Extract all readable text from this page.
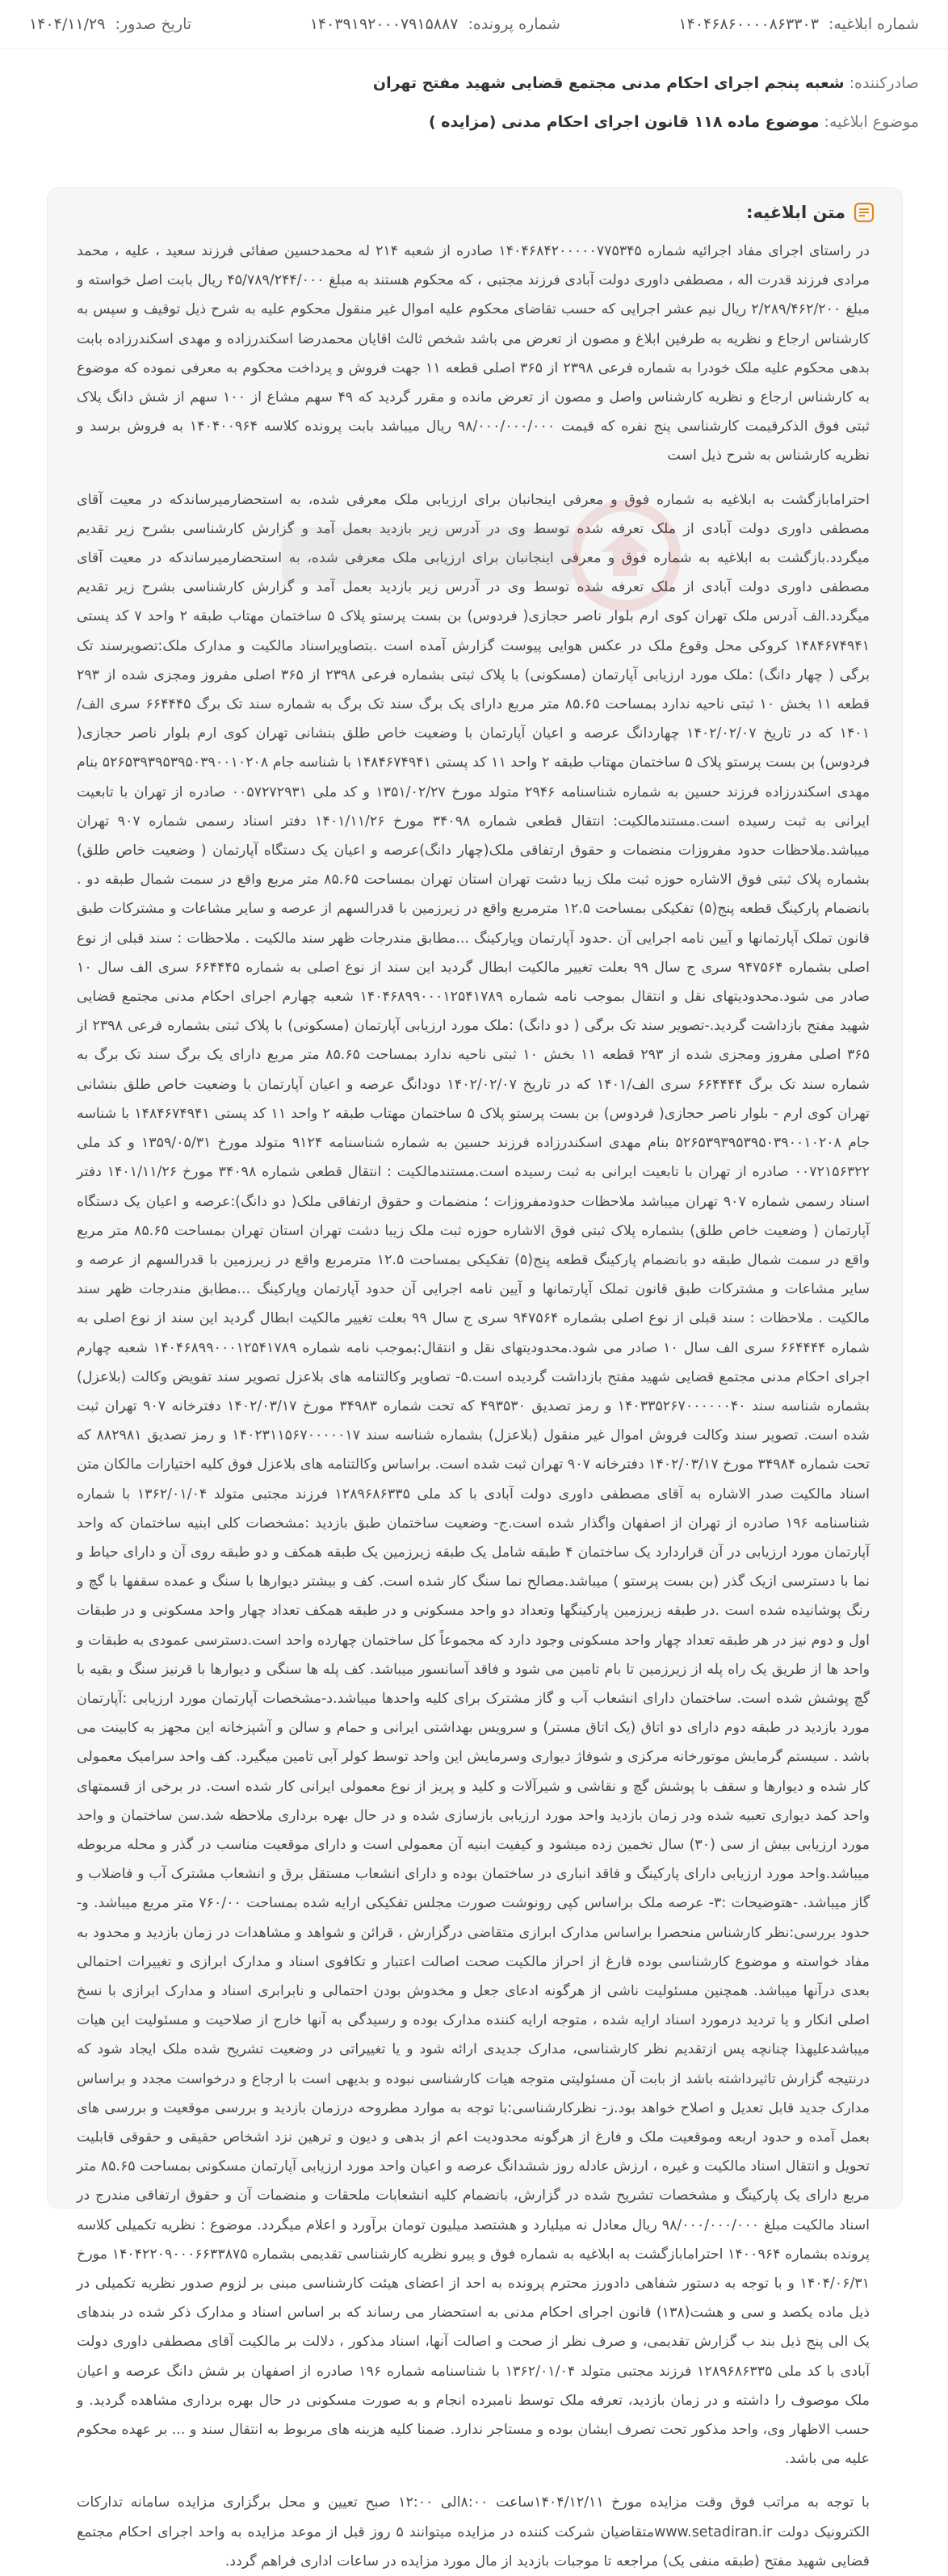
شماره ابلاغیه: ۱۴۰۴۶۸۶۰۰۰۰۸۶۳۳۰۳
شماره پرونده: ۱۴۰۳۹۱۹۲۰۰۰۷۹۱۵۸۸۷
تاریخ صدور: ۱۴۰۴/۱۱/۲۹
صادرکننده:
شعبه پنجم اجرای احکام مدنی مجتمع قضایی شهید مفتح تهران
موضوع ابلاغیه:
موضوع ماده ۱۱۸ قانون اجرای احکام مدنی (مزایده )
متن ابلاغیه:

در راستای اجرای مفاد اجرائیه شماره ۱۴۰۴۶۸۴۲۰۰۰۰۰۷۷۵۳۴۵ صادره از شعبه ۲۱۴ له محمدحسین صفائی فرزند سعید ، علیه ، محمد مرادی فرزند قدرت اله ، مصطفی داوری دولت آبادی فرزند مجتبی ، که محکوم هستند به مبلغ ۴۵/۷۸۹/۲۴۴/۰۰۰ ریال بابت اصل خواسته و مبلغ ۲/۲۸۹/۴۶۲/۲۰۰ ریال نیم عشر اجرایی که حسب تقاضای محکوم علیه اموال غیر منقول محکوم علیه به شرح ذیل توقیف و سپس به کارشناس ارجاع و نظریه به طرفین ابلاغ و مصون از تعرض می باشد شخص ثالث اقایان محمدرضا اسکندرزاده و مهدی اسکندرزاده بابت بدهی محکوم علیه ملک خودرا به شماره فرعی ۲۳۹۸ از ۳۶۵ اصلی قطعه ۱۱ جهت فروش و پرداخت محکوم به معرفی نموده که موضوع به کارشناس ارجاع و نظریه کارشناس واصل و مصون از تعرض مانده و مقرر گردید که ۴۹ سهم مشاع از ۱۰۰ سهم از شش دانگ پلاک ثبتی فوق الذکرقیمت کارشناسی پنج نفره که قیمت ۹۸/۰۰۰/۰۰۰/۰۰۰ ریال میباشد بابت پرونده کلاسه ۱۴۰۴۰۰۹۶۴ به فروش برسد و نظریه کارشناس به شرح ذیل است

احتراماباز‌گشت به ابلاغیه به شماره فوق و معرفی اینجانبان برای ارزیابی ملک معرفی شده، به استحضارمیرساندکه در معیت آقای مصطفی داوری دولت آبادی از ملک تعرفه شده توسط وی در آدرس زیر بازدید بعمل آمد و گزارش کارشناسی بشرح زیر تقدیم میگردد.بازگشت به ابلاغیه به شماره فوق و معرفی اینجانبان برای ارزیابی ملک معرفی شده، به استحضارمیرساندکه در معیت آقای مصطفی داوری دولت آبادی از ملک تعرفه شده توسط وی در آدرس زیر بازدید بعمل آمد و گزارش کارشناسی بشرح زیر تقدیم میگردد.الف آدرس ملک تهران کوی ارم بلوار ناصر حجازی( فردوس) بن بست پرستو پلاک ۵ ساختمان مهتاب طبقه ۲ واحد ۷ کد پستی ۱۴۸۴۶۷۴۹۴۱ کروکی محل وقوع ملک در عکس هوایی پیوست گزارش آمده است .بتصاویراسناد مالکیت و مدارک ملک:تصویرسند تک برگی ( چهار دانگ) :ملک مورد ارزیابی آپارتمان (مسکونی) با پلاک ثبتی بشماره فرعی ۲۳۹۸ از ۳۶۵ اصلی مفروز ومجزی شده از ۲۹۳ قطعه ۱۱ بخش ۱۰ ثبتی ناحیه ندارد بمساحت ۸۵.۶۵ متر مربع دارای یک برگ سند تک برگ به شماره سند تک برگ ۶۶۴۴۴۵ سری الف/۱۴۰۱ که در تاریخ ۱۴۰۲/۰۲/۰۷ چهاردانگ عرصه و اعیان آپارتمان با وضعیت خاص طلق بنشانی تهران کوی ارم بلوار ناصر حجازی( فردوس) بن بست پرستو پلاک ۵ ساختمان مهتاب طبقه ۲ واحد ۱۱ کد پستی ۱۴۸۴۶۷۴۹۴۱ با شناسه جام ۵۲۶۵۳۹۳۹۵۳۹۵۰۳۹۰۰۱۰۲۰۸ بنام مهدی اسکندرزاده فرزند حسین به شماره شناسنامه ۲۹۴۶ متولد مورخ ۱۳۵۱/۰۲/۲۷ و کد ملی ۰۰۵۷۲۷۲۹۳۱ صادره از تهران با تابعیت ایرانی به ثبت رسیده است.مستندمالکیت: انتقال قطعی شماره ۳۴۰۹۸ مورخ ۱۴۰۱/۱۱/۲۶ دفتر اسناد رسمی شماره ۹۰۷ تهران میباشد.ملاحظات حدود مفروزات منضمات و حقوق ارتفاقی ملک(چهار دانگ)عرصه و اعیان یک دستگاه آپارتمان ( وضعیت خاص طلق) بشماره پلاک ثبتی فوق الاشاره حوزه ثبت ملک زیبا دشت تهران استان تهران بمساحت ۸۵.۶۵ متر مربع واقع در سمت شمال طبقه دو . بانضمام پارکینگ قطعه پنج(۵) تفکیکی بمساحت ۱۲.۵ مترمربع واقع در زیرزمین با قدرالسهم از عرصه و سایر مشاعات و مشترکات طبق قانون تملک آپارتمانها و آیین نامه اجرایی آن .حدود آپارتمان وپارکینگ ...مطابق مندرجات ظهر سند مالکیت . ملاحظات : سند قبلی از نوع اصلی بشماره ۹۴۷۵۶۴ سری ج سال ۹۹ بعلت تغییر مالکیت ابطال گردید این سند از نوع اصلی به شماره ۶۶۴۴۴۵ سری الف سال ۱۰ صادر می شود.محدودیتهای نقل و انتقال بموجب نامه شماره ۱۴۰۴۶۸۹۹۰۰۰۱۲۵۴۱۷۸۹ شعبه چهارم اجرای احکام مدنی مجتمع قضایی شهید مفتح بازداشت گردید.-تصویر سند تک برگی ( دو دانگ) :ملک مورد ارزیابی آپارتمان (مسکونی) با پلاک ثبتی بشماره فرعی ۲۳۹۸ از ۳۶۵ اصلی مفروز ومجزی شده از ۲۹۳ قطعه ۱۱ بخش ۱۰ ثبتی ناحیه ندارد بمساحت ۸۵.۶۵ متر مربع دارای یک برگ سند تک برگ به شماره سند تک برگ ۶۶۴۴۴۴ سری الف/۱۴۰۱ که در تاریخ ۱۴۰۲/۰۲/۰۷ دودانگ عرصه و اعیان آپارتمان با وضعیت خاص طلق بنشانی تهران کوی ارم - بلوار ناصر حجازی( فردوس) بن بست پرستو پلاک ۵ ساختمان مهتاب طبقه ۲ واحد ۱۱ کد پستی ۱۴۸۴۶۷۴۹۴۱ با شناسه جام ۵۲۶۵۳۹۳۹۵۳۹۵۰۳۹۰۰۱۰۲۰۸ بنام مهدی اسکندرزاده فرزند حسین به شماره شناسنامه ۹۱۲۴ متولد مورخ ۱۳۵۹/۰۵/۳۱ و کد ملی ۰۰۷۲۱۵۶۳۲۲ صادره از تهران با تابعیت ایرانی به ثبت رسیده است.مستندمالکیت : انتقال قطعی شماره ۳۴۰۹۸ مورخ ۱۴۰۱/۱۱/۲۶ دفتر اسناد رسمی شماره ۹۰۷ تهران میباشد ملاحظات حدودمفروزات ؛ منضمات و حقوق ارتفاقی ملک( دو دانگ):عرصه و اعیان یک دستگاه آپارتمان ( وضعیت خاص طلق) بشماره پلاک ثبتی فوق الاشاره حوزه ثبت ملک زیبا دشت تهران استان تهران بمساحت ۸۵.۶۵ متر مربع واقع در سمت شمال طبقه دو بانضمام پارکینگ قطعه پنج(۵) تفکیکی بمساحت ۱۲.۵ مترمربع واقع در زیرزمین با قدرالسهم از عرصه و سایر مشاعات و مشترکات طبق قانون تملک آپارتمانها و آیین نامه اجرایی آن حدود آپارتمان وپارکینگ ...مطابق مندرجات ظهر سند مالکیت . ملاحظات : سند قبلی از نوع اصلی بشماره ۹۴۷۵۶۴ سری ج سال ۹۹ بعلت تغییر مالکیت ابطال گردید این سند از نوع اصلی به شماره ۶۶۴۴۴۴ سری الف سال ۱۰ صادر می شود.محدودیتهای نقل و انتقال:بموجب نامه شماره ۱۴۰۴۶۸۹۹۰۰۰۱۲۵۴۱۷۸۹ شعبه چهارم اجرای احکام مدنی مجتمع قضایی شهید مفتح بازداشت گردیده است.۵- تصاویر وکالتنامه های بلاعزل تصویر سند تفویض وکالت (بلاعزل) بشماره شناسه سند ۱۴۰۳۳۵۲۶۷۰۰۰۰۰۰۴۰ و رمز تصدیق ۴۹۳۵۳۰ که تحت شماره ۳۴۹۸۳ مورخ ۱۴۰۲/۰۳/۱۷ دفترخانه ۹۰۷ تهران ثبت شده است. تصویر سند وکالت فروش اموال غیر منقول (بلاعزل) بشماره شناسه سند ۱۴۰۲۳۱۱۵۶۷۰۰۰۰۰۱۷ و رمز تصدیق ۸۸۲۹۸۱ که تحت شماره ۳۴۹۸۴ مورخ ۱۴۰۲/۰۳/۱۷ دفترخانه ۹۰۷ تهران ثبت شده است. براساس وکالتنامه های بلاعزل فوق کلیه اختیارات مالکان متن اسناد مالکیت صدر الاشاره به آقای مصطفی داوری دولت آبادی با کد ملی ۱۲۸۹۶۸۶۳۳۵ فرزند مجتبی متولد ۱۳۶۲/۰۱/۰۴ با شماره شناسنامه ۱۹۶ صادره از تهران از اصفهان واگذار شده است.ج- وضعیت ساختمان طبق بازدید :مشخصات کلی ابنیه ساختمان که واحد آپارتمان مورد ارزیابی در آن قراردارد یک ساختمان ۴ طبقه شامل یک طبقه زیرزمین یک طبقه همکف و دو طبقه روی آن و دارای حیاط و نما با دسترسی ازیک گذر (بن بست پرستو ) میباشد.مصالح نما سنگ کار شده است. کف و بیشتر دیوارها با سنگ و عمده سقفها با گچ و رنگ پوشانیده شده است .در طبقه زیرزمین پارکینگها وتعداد دو واحد مسکونی و در طبقه همکف تعداد چهار واحد مسکونی و در طبقات اول و دوم نیز در هر طبقه تعداد چهار واحد مسکونی وجود دارد که مجموعاً کل ساختمان چهارده واحد است.دسترسی عمودی به طبقات و واحد ها از طریق یک راه پله از زیرزمین تا بام تامین می شود و فاقد آسانسور میباشد. کف پله ها سنگی و دیوارها با قرنیز سنگ و بقیه با گچ پوشش شده است. ساختمان دارای انشعاب آب و گاز مشترک برای کلیه واحدها میباشد.د-مشخصات آپارتمان مورد ارزیابی :آپارتمان مورد بازدید در طبقه دوم دارای دو اتاق (یک اتاق مستر) و سرویس بهداشتی ایرانی و حمام و سالن و آشپزخانه این مجهز به کابینت می باشد . سیستم گرمایش موتورخانه مرکزی و شوفاژ دیواری وسرمایش این واحد توسط کولر آبی تامین میگیرد. کف واحد سرامیک معمولی کار شده و دیوارها و سقف با پوشش گچ و نقاشی و شیرآلات و کلید و پریز از نوع معمولی ایرانی کار شده است. در برخی از قسمتهای واحد کمد دیواری تعبیه شده ودر زمان بازدید واحد مورد ارزیابی بازسازی شده و در حال بهره برداری ملاحظه شد.سن ساختمان و واحد مورد ارزیابی بیش از سی (۳۰) سال تخمین زده میشود و کیفیت ابنیه آن معمولی است و دارای موقعیت مناسب در گذر و محله مربوطه میباشد.واحد مورد ارزیابی دارای پارکینگ و فاقد انباری در ساختمان بوده و دارای انشعاب مستقل برق و انشعاب مشترک آب و فاضلاب و گاز میباشد. -هتوضیحات :۳- عرصه ملک براساس کپی رونوشت صورت مجلس تفکیکی ارایه شده بمساحت ۷۶۰/۰۰ متر مربع میباشد. و- حدود بررسی:نظر کارشناس منحصرا براساس مدارک ابرازی متقاضی درگزارش ، قرائن و شواهد و مشاهدات در زمان بازدید و محدود به مفاد خواسته و موضوع کارشناسی بوده فارغ از احراز مالکیت صحت اصالت اعتبار و تکافوی اسناد و مدارک ابرازی و تغییرات احتمالی بعدی درآنها میباشد. همچنین مسئولیت ناشی از هرگونه ادعای جعل و مخدوش بودن احتمالی و نابرابری اسناد و مدارک ابرازی با نسخ اصلی انکار و یا تردید درمورد اسناد ارایه شده ، متوجه ارایه کننده مدارک بوده و رسیدگی به آنها خارج از صلاحیت و مسئولیت این هیات میباشدعلیهذا چنانچه پس ازتقدیم نظر کارشناسی، مدارک جدیدی ارائه شود و یا تغییراتی در وضعیت تشریح شده ملک ایجاد شود که درنتیجه گزارش تاثیرداشته باشد از بابت آن مسئولیتی متوجه هیات کارشناسی نبوده و بدیهی است با ارجاع و درخواست مجدد و براساس مدارک جدید قابل تعدیل و اصلاح خواهد بود.ز- نظرکارشناسی:با توجه به موارد مطروحه درزمان بازدید و بررسی موقعیت و بررسی های بعمل آمده و حدود اربعه وموقعیت ملک و فارغ از هرگونه محدودیت اعم از بدهی و دیون و ترهین نزد اشخاص حقیقی و حقوقی قابلیت تحویل و انتقال اسناد مالکیت و غیره ، ارزش عادله روز ششدانگ عرصه و اعیان واحد مورد ارزیابی آپارتمان مسکونی بمساحت ۸۵.۶۵ متر مربع دارای یک پارکینگ و مشخصات تشریح شده در گزارش، بانضمام کلیه انشعابات ملحقات و منضمات آن و حقوق ارتفاقی مندرج در اسناد مالکیت مبلغ ۹۸/۰۰۰/۰۰۰/۰۰۰ ریال معادل نه میلیارد و هشتصد میلیون تومان برآورد و اعلام میگردد. موضوع : نظریه تکمیلی کلاسه پرونده بشماره ۱۴۰۰۹۶۴ احتراماباز‌گشت به ابلاغیه به شماره فوق و پیرو نظریه کارشناسی تقدیمی بشماره ۱۴۰۴۲۲۰۹۰۰۰۶۶۳۳۸۷۵ مورخ ۱۴۰۴/۰۶/۳۱ و با توجه به دستور شفاهی دادورز محترم پرونده به احد از اعضای هیئت کارشناسی مبنی بر لزوم صدور نظریه تکمیلی در ذیل ماده یکصد و سی و هشت(۱۳۸) قانون اجرای احکام مدنی به استحضار می رساند که بر اساس اسناد و مدارک ذکر شده در بندهای یک الی پنج ذیل بند ب گزارش تقدیمی، و صرف نظر از صحت و اصالت آنها، اسناد مذکور ، دلالت بر مالکیت آقای مصطفی داوری دولت آبادی با کد ملی ۱۲۸۹۶۸۶۳۳۵ فرزند مجتبی متولد ۱۳۶۲/۰۱/۰۴ با شناسنامه شماره ۱۹۶ صادره از اصفهان بر شش دانگ عرصه و اعیان ملک موصوف را داشته و در زمان بازدید، تعرفه ملک توسط نامبرده انجام و به صورت مسکونی در حال بهره برداری مشاهده گردید. و حسب الاظهار وی، واحد مذکور تحت تصرف ایشان بوده و مستاجر ندارد. ضمنا کلیه هزینه های مربوط به انتقال سند و ... بر عهده محکوم علیه می باشد.

با توجه به مراتب فوق وقت مزایده مورخ ۱۴۰۴/۱۲/۱۱ساعت ۸:۰۰الی ۱۲:۰۰ صبح تعیین و محل برگزاری مزایده سامانه تدارکات الکترونیک دولت www.setadiran.irمتقاضیان شرکت کننده در مزایده میتوانند ۵ روز قبل از موعد مزایده به واحد اجرای احکام مجتمع قضایی شهید مفتح (طبقه منفی یک) مراجعه تا موجبات بازدید از مال مورد مزایده در ساعات اداری فراهم گردد.
